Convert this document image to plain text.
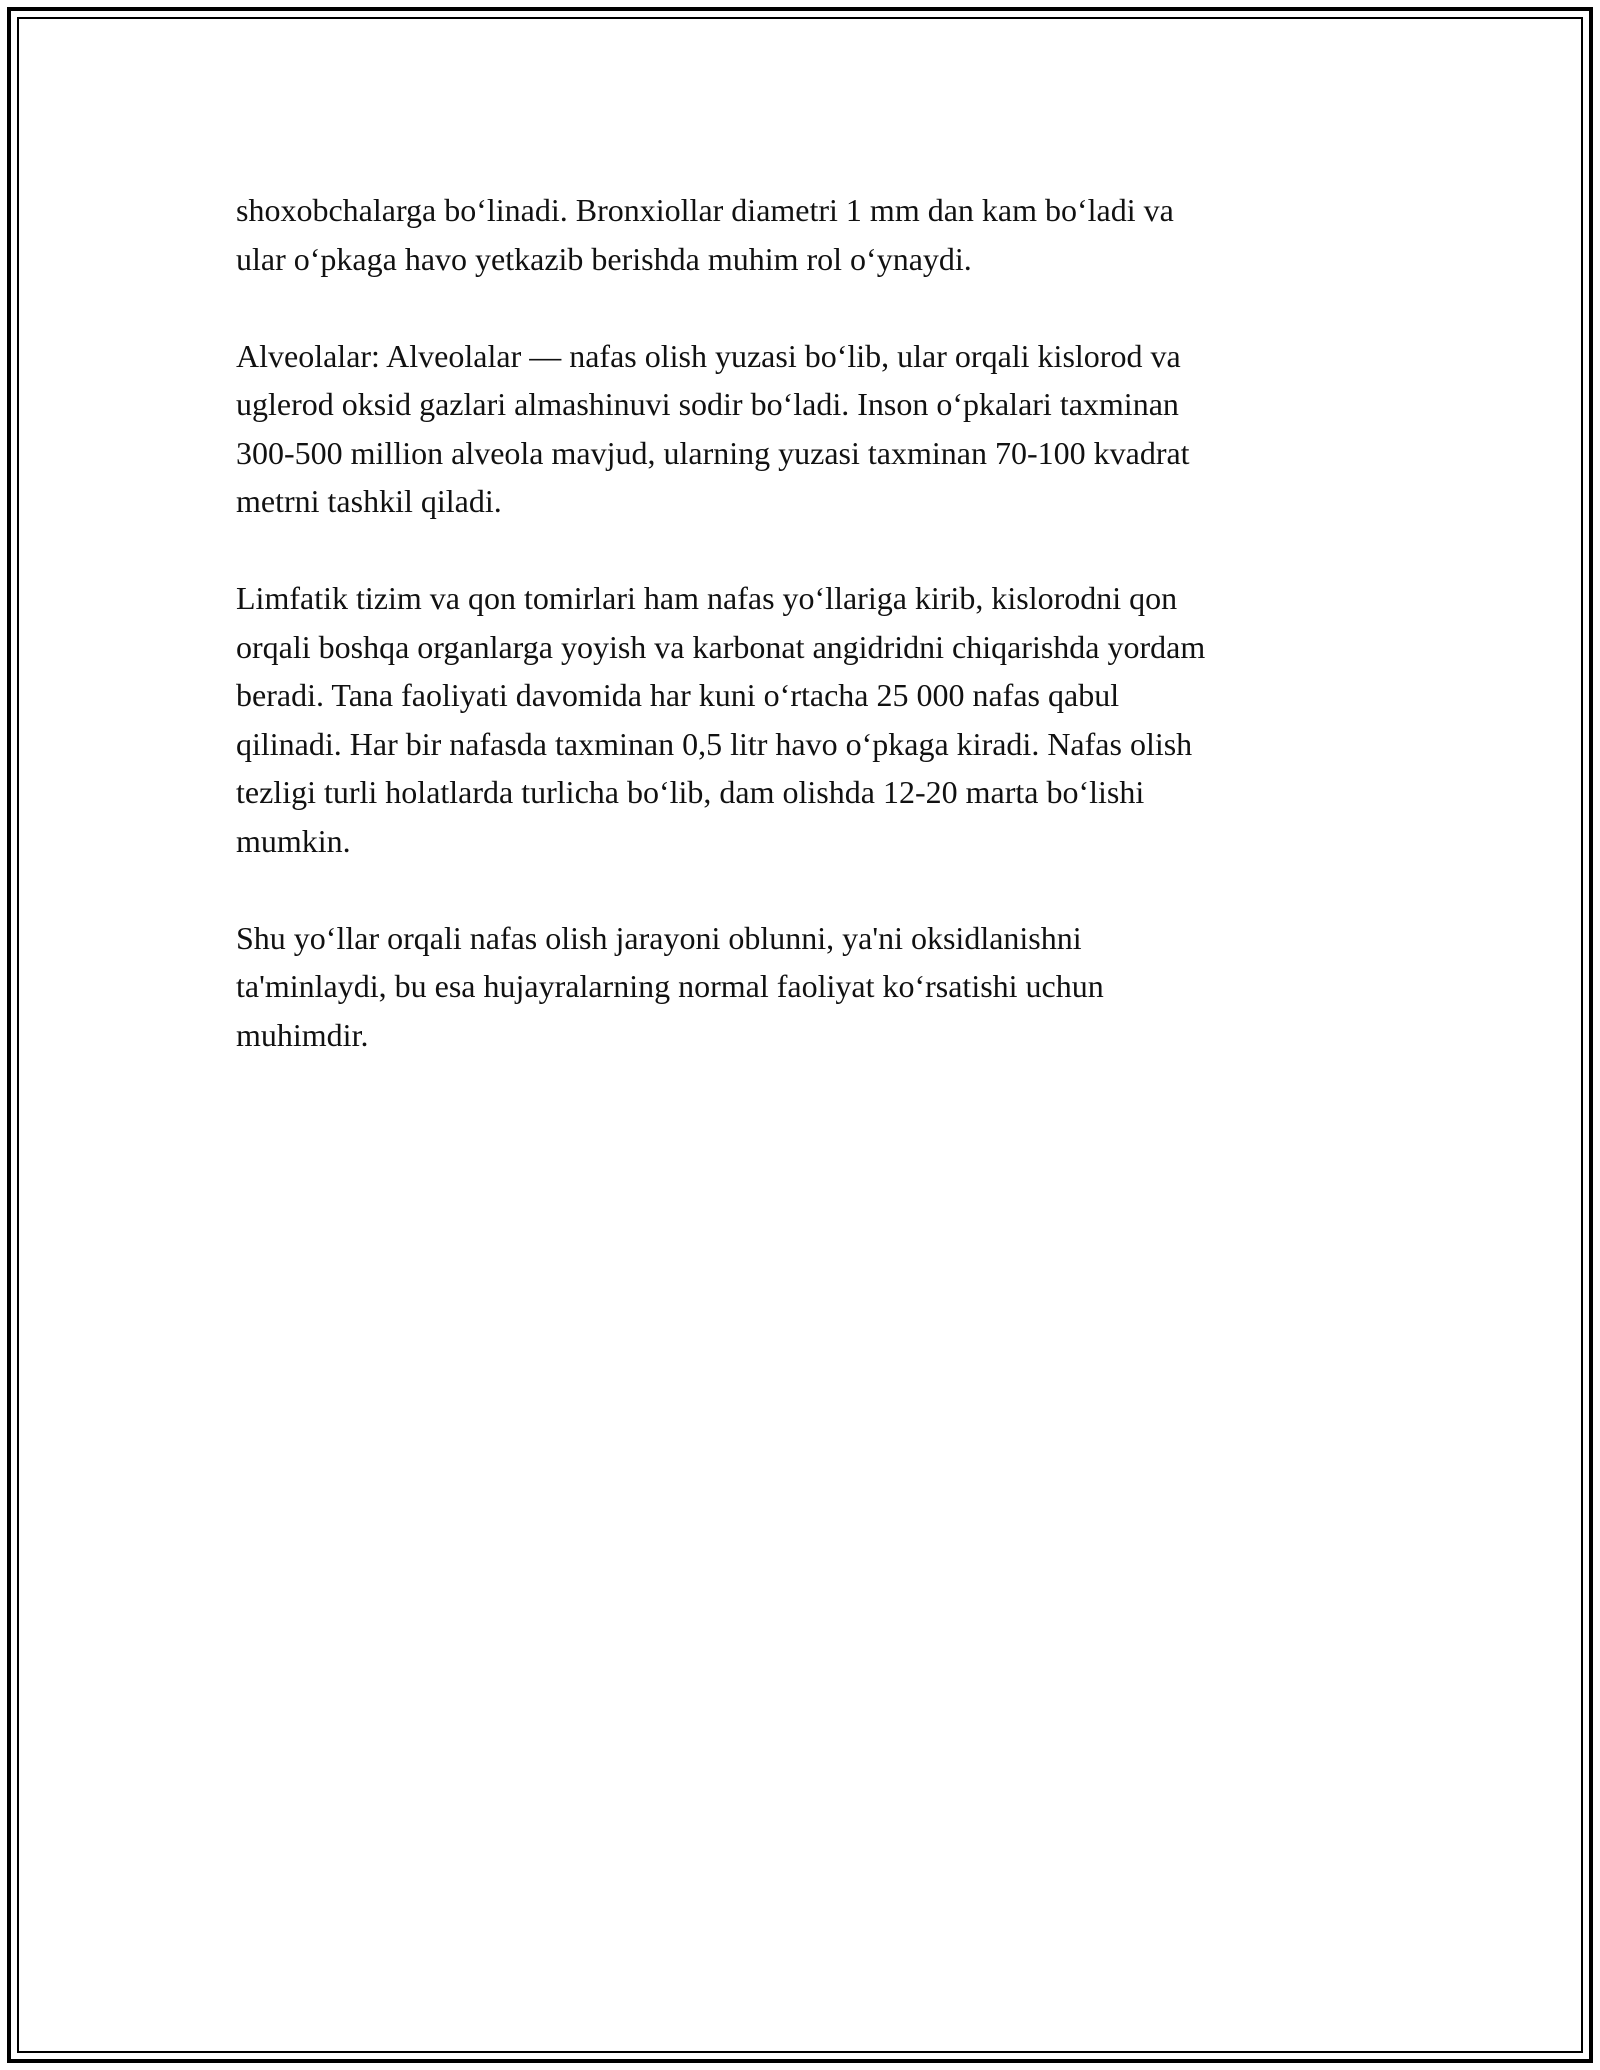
shoxobchalarga bo‘linadi. Bronxiollar diametri 1 mm dan kam bo‘ladi va
ular o‘pkaga havo yetkazib berishda muhim rol o‘ynaydi.

Alveolalar: Alveolalar — nafas olish yuzasi bo‘lib, ular orqali kislorod va
uglerod oksid gazlari almashinuvi sodir bo‘ladi. Inson o‘pkalari taxminan
300-500 million alveola mavjud, ularning yuzasi taxminan 70-100 kvadrat
metrni tashkil qiladi.

Limfatik tizim va qon tomirlari ham nafas yo‘llariga kirib, kislorodni qon
orqali boshqa organlarga yoyish va karbonat angidridni chiqarishda yordam
beradi. Tana faoliyati davomida har kuni o‘rtacha 25 000 nafas qabul
qilinadi. Har bir nafasda taxminan 0,5 litr havo o‘pkaga kiradi. Nafas olish
tezligi turli holatlarda turlicha bo‘lib, dam olishda 12-20 marta bo‘lishi
mumkin.

Shu yo‘llar orqali nafas olish jarayoni oblunni, ya'ni oksidlanishni
ta'minlaydi, bu esa hujayralarning normal faoliyat ko‘rsatishi uchun
muhimdir.
